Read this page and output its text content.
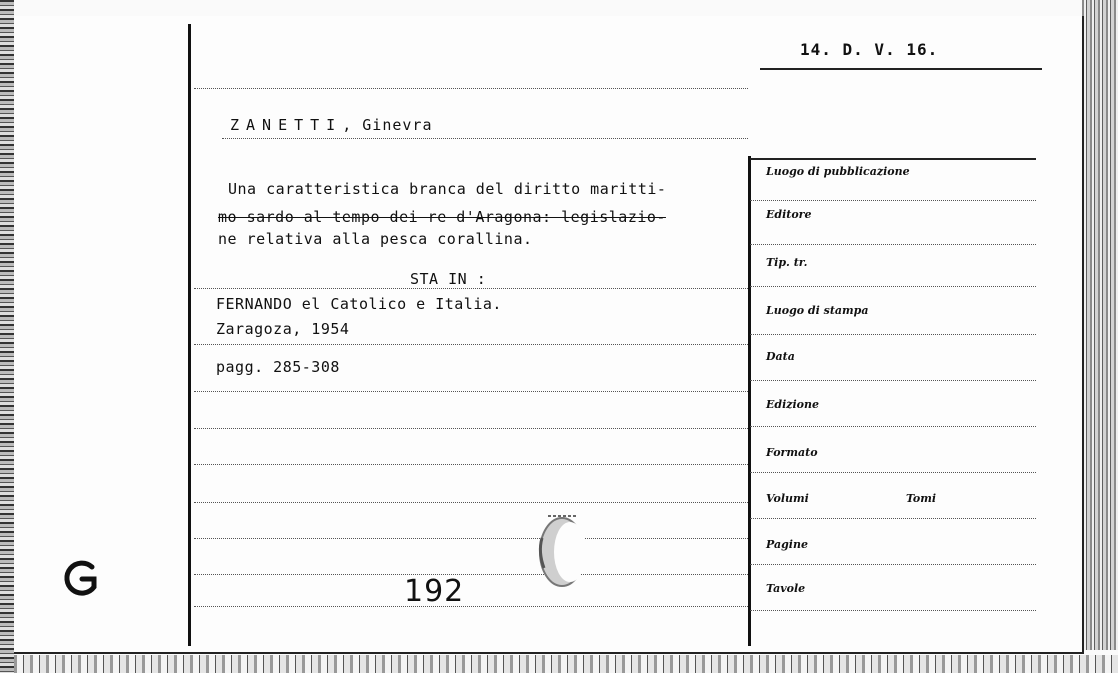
14. D. V. 16.
ZANETTI, Ginevra
Una caratteristica branca del diritto maritti-
mo sardo al tempo dei re d'Aragona: legislazio-
ne relativa alla pesca corallina.
STA IN :
FERNANDO el Catolico e Italia.
Zaragoza, 1954
pagg. 285-308
192
Luogo di pubblicazione
Editore
Tip. tr.
Luogo di stampa
Data
Edizione
Formato
Volumi	Tomi
Pagine
Tavole
